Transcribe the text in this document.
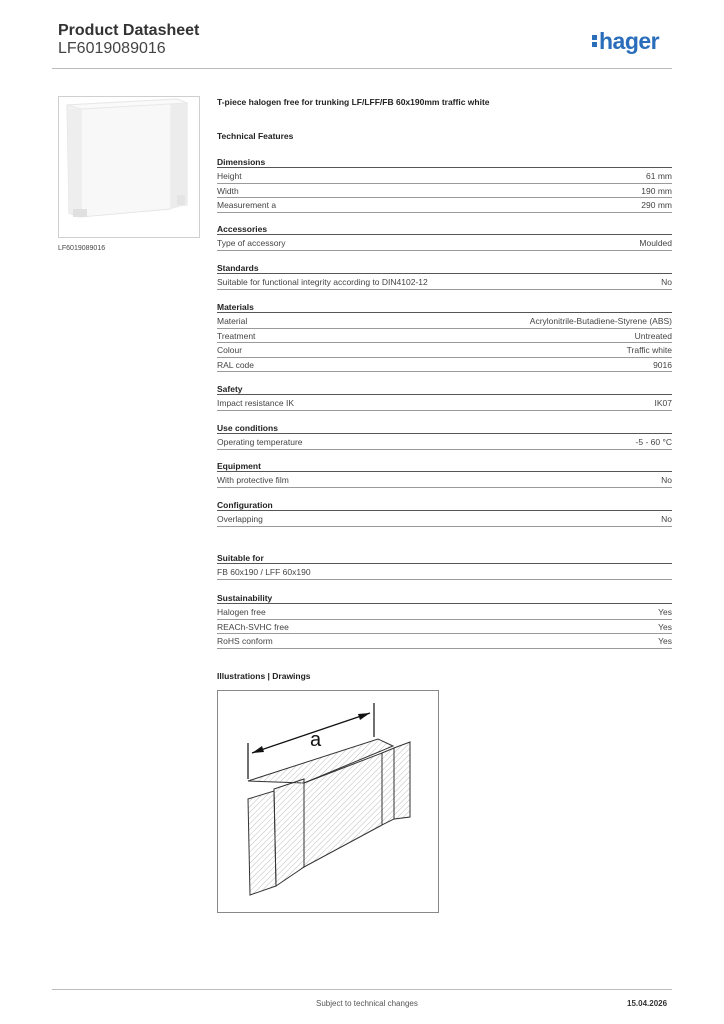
Product Datasheet
LF6019089016	hager
LF6019089016
T-piece halogen free for trunking LF/LFF/FB 60x190mm traffic white
Technical Features
Dimensions
Height	61 mm
Width	190 mm
Measurement a	290 mm
Accessories
Type of accessory	Moulded
Standards
Suitable for functional integrity according to DIN4102-12	No
Materials
Material	Acrylonitrile-Butadiene-Styrene (ABS)
Treatment	Untreated
Colour	Traffic white
RAL code	9016
Safety
Impact resistance IK	IK07
Use conditions
Operating temperature	-5 - 60 °C
Equipment
With protective film	No
Configuration
Overlapping	No
Suitable for
FB 60x190 / LFF 60x190
Sustainability
Halogen free	Yes
REACh-SVHC free	Yes
RoHS conform	Yes
Illustrations | Drawings
a
Subject to technical changes	15.04.2026
